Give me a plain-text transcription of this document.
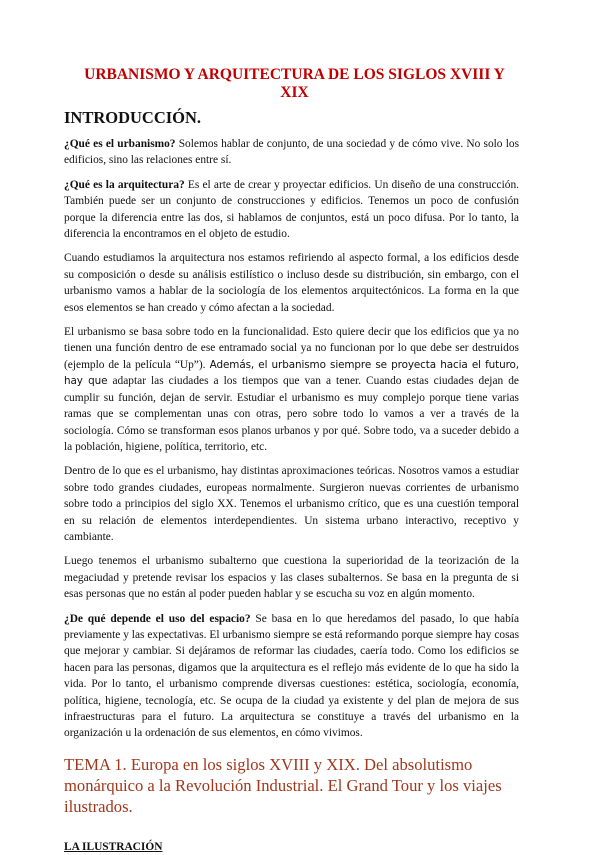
URBANISMO Y ARQUITECTURA DE LOS SIGLOS XVIII Y XIX
INTRODUCCIÓN.

¿Qué es el urbanismo? Solemos hablar de conjunto, de una sociedad y de cómo vive. No solo los edificios, sino las relaciones entre sí.

¿Qué es la arquitectura? Es el arte de crear y proyectar edificios. Un diseño de una construcción. También puede ser un conjunto de construcciones y edificios. Tenemos un poco de confusión porque la diferencia entre las dos, si hablamos de conjuntos, está un poco difusa. Por lo tanto, la diferencia la encontramos en el objeto de estudio.

Cuando estudiamos la arquitectura nos estamos refiriendo al aspecto formal, a los edificios desde su composición o desde su análisis estilístico o incluso desde su distribución, sin embargo, con el urbanismo vamos a hablar de la sociología de los elementos arquitectónicos. La forma en la que esos elementos se han creado y cómo afectan a la sociedad.

El urbanismo se basa sobre todo en la funcionalidad. Esto quiere decir que los edificios que ya no tienen una función dentro de ese entramado social ya no funcionan por lo que debe ser destruidos (ejemplo de la película “Up”). Además, el urbanismo siempre se proyecta hacia el futuro, hay que adaptar las ciudades a los tiempos que van a tener. Cuando estas ciudades dejan de cumplir su función, dejan de servir. Estudiar el urbanismo es muy complejo porque tiene varias ramas que se complementan unas con otras, pero sobre todo lo vamos a ver a través de la sociología. Cómo se transforman esos planos urbanos y por qué. Sobre todo, va a suceder debido a la población, higiene, política, territorio, etc.

Dentro de lo que es el urbanismo, hay distintas aproximaciones teóricas. Nosotros vamos a estudiar sobre todo grandes ciudades, europeas normalmente. Surgieron nuevas corrientes de urbanismo sobre todo a principios del siglo XX. Tenemos el urbanismo crítico, que es una cuestión temporal en su relación de elementos interdependientes. Un sistema urbano interactivo, receptivo y cambiante.

Luego tenemos el urbanismo subalterno que cuestiona la superioridad de la teorización de la megaciudad y pretende revisar los espacios y las clases subalternos. Se basa en la pregunta de si esas personas que no están al poder pueden hablar y se escucha su voz en algún momento.

¿De qué depende el uso del espacio? Se basa en lo que heredamos del pasado, lo que había previamente y las expectativas. El urbanismo siempre se está reformando porque siempre hay cosas que mejorar y cambiar. Si dejáramos de reformar las ciudades, caería todo. Como los edificios se hacen para las personas, digamos que la arquitectura es el reflejo más evidente de lo que ha sido la vida. Por lo tanto, el urbanismo comprende diversas cuestiones: estética, sociología, economía, política, higiene, tecnología, etc. Se ocupa de la ciudad ya existente y del plan de mejora de sus infraestructuras para el futuro. La arquitectura se constituye a través del urbanismo en la organización u la ordenación de sus elementos, en cómo vivimos.

TEMA 1. Europa en los siglos XVIII y XIX. Del absolutismo monárquico a la Revolución Industrial. El Grand Tour y los viajes ilustrados.
LA ILUSTRACIÓN
